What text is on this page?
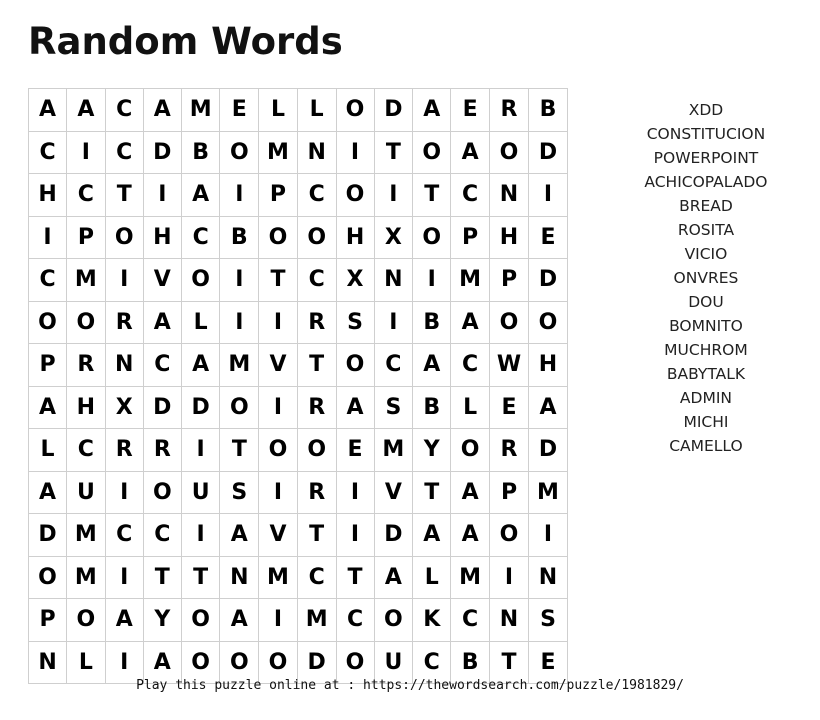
Random Words
A	A	C	A	M	E	L	L	O	D	A	E	R	B
C	I	C	D	B	O	M	N	I	T	O	A	O	D
H	C	T	I	A	I	P	C	O	I	T	C	N	I
I	P	O	H	C	B	O	O	H	X	O	P	H	E
C	M	I	V	O	I	T	C	X	N	I	M	P	D
O	O	R	A	L	I	I	R	S	I	B	A	O	O
P	R	N	C	A	M	V	T	O	C	A	C	W	H
A	H	X	D	D	O	I	R	A	S	B	L	E	A
L	C	R	R	I	T	O	O	E	M	Y	O	R	D
A	U	I	O	U	S	I	R	I	V	T	A	P	M
D	M	C	C	I	A	V	T	I	D	A	A	O	I
O	M	I	T	T	N	M	C	T	A	L	M	I	N
P	O	A	Y	O	A	I	M	C	O	K	C	N	S
N	L	I	A	O	O	O	D	O	U	C	B	T	E
XDD
CONSTITUCION
POWERPOINT
ACHICOPALADO
BREAD
ROSITA
VICIO
ONVRES
DOU
BOMNITO
MUCHROM
BABYTALK
ADMIN
MICHI
CAMELLO
Play this puzzle online at : https://thewordsearch.com/puzzle/1981829/
